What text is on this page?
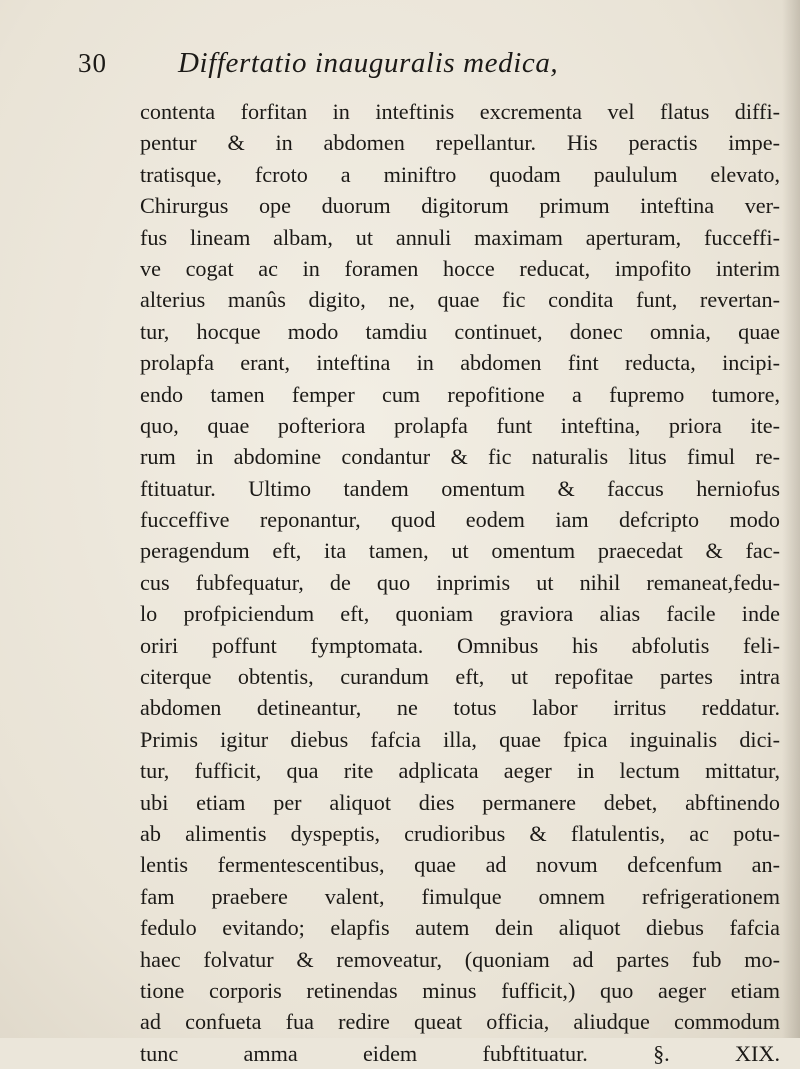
30 Differtatio inauguralis medica,
contenta forfitan in inteftinis excrementa vel flatus diffi-
pentur & in abdomen repellantur. His peractis impe-
tratisque, fcroto a miniftro quodam paululum elevato,
Chirurgus ope duorum digitorum primum inteftina ver-
fus lineam albam, ut annuli maximam aperturam, fucceffi-
ve cogat ac in foramen hocce reducat, impofito interim
alterius manûs digito, ne, quae fic condita funt, revertan-
tur, hocque modo tamdiu continuet, donec omnia, quae
prolapfa erant, inteftina in abdomen fint reducta, incipi-
endo tamen femper cum repofitione a fupremo tumore,
quo, quae pofteriora prolapfa funt inteftina, priora ite-
rum in abdomine condantur & fic naturalis litus fimul re-
ftituatur. Ultimo tandem omentum & faccus herniofus
fucceffive reponantur, quod eodem iam defcripto modo
peragendum eft, ita tamen, ut omentum praecedat & fac-
cus fubfequatur, de quo inprimis ut nihil remaneat,fedu-
lo profpiciendum eft, quoniam graviora alias facile inde
oriri poffunt fymptomata. Omnibus his abfolutis feli-
citerque obtentis, curandum eft, ut repofitae partes intra
abdomen detineantur, ne totus labor irritus reddatur.
Primis igitur diebus fafcia illa, quae fpica inguinalis dici-
tur, fufficit, qua rite adplicata aeger in lectum mittatur,
ubi etiam per aliquot dies permanere debet, abftinendo
ab alimentis dyspeptis, crudioribus & flatulentis, ac potu-
lentis fermentescentibus, quae ad novum defcenfum an-
fam praebere valent, fimulque omnem refrigerationem
fedulo evitando; elapfis autem dein aliquot diebus fafcia
haec folvatur & removeatur, (quoniam ad partes fub mo-
tione corporis retinendas minus fufficit,) quo aeger etiam
ad confueta fua redire queat officia, aliudque commodum
tunc amma eidem fubftituatur. §. XIX.
